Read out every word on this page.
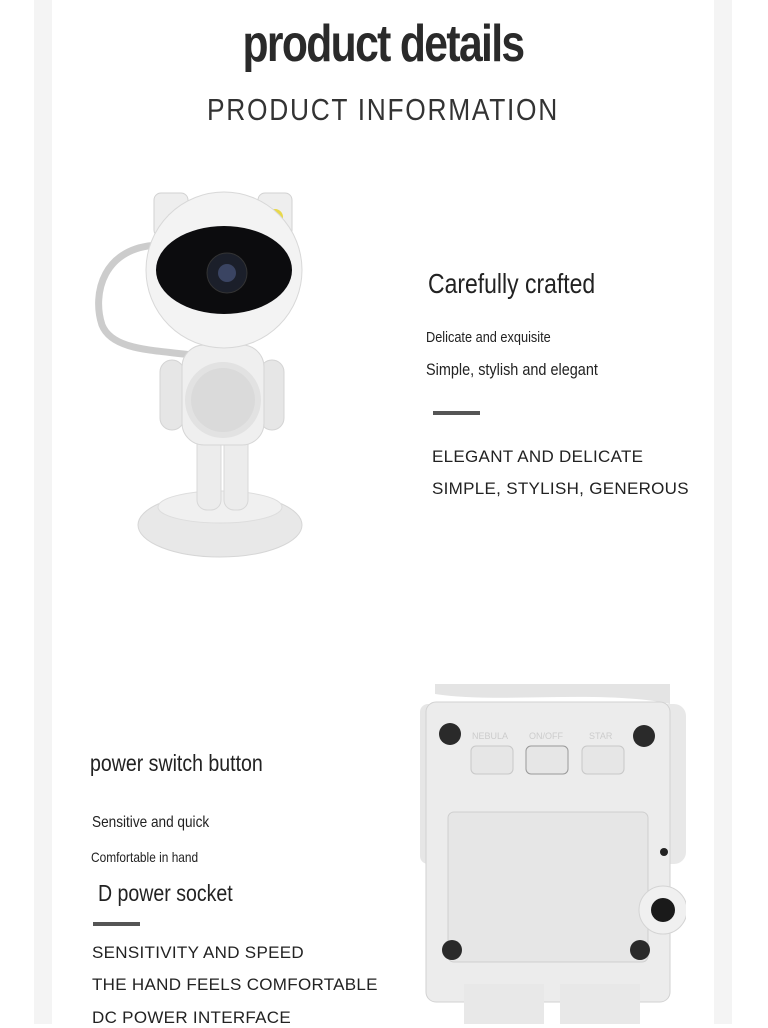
product details
PRODUCT INFORMATION
Carefully crafted
Delicate and exquisite
Simple, stylish and elegant
ELEGANT AND DELICATE
SIMPLE, STYLISH, GENEROUS
power switch button
Sensitive and quick
Comfortable in hand
D power socket
SENSITIVITY AND SPEED
THE HAND FEELS COMFORTABLE
DC POWER INTERFACE
NEBULA ON/OFF	STAR
